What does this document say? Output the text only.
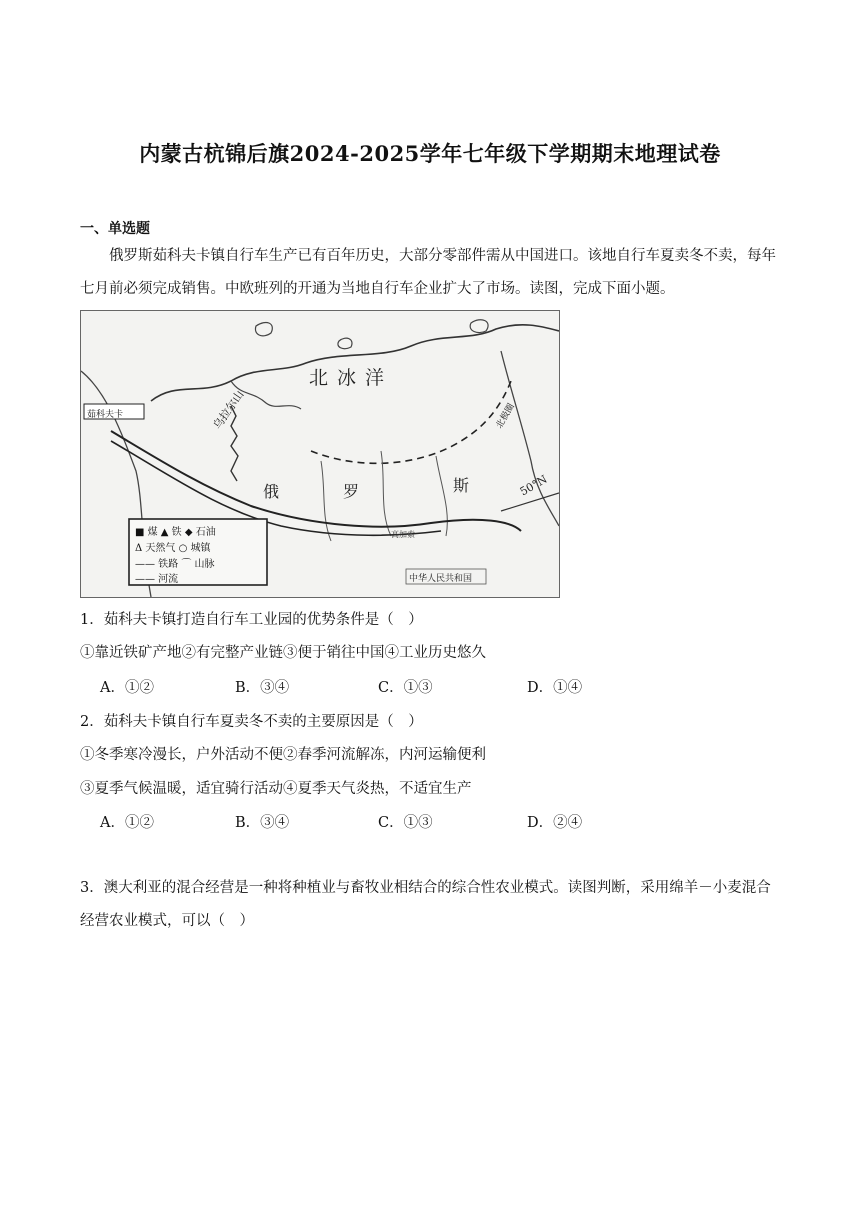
内蒙古杭锦后旗2024-2025学年七年级下学期期末地理试卷
一、单选题
俄罗斯茹科夫卡镇自行车生产已有百年历史，大部分零部件需从中国进口。该地自行车夏卖冬不卖，每年七月前必须完成销售。中欧班列的开通为当地自行车企业扩大了市场。读图，完成下面小题。
北冰洋
俄	罗	斯
茹科夫卡	乌拉尔山
高加索
50°N
北极圈
中华人民共和国
■ 煤 ▲ 铁 ◆ 石油
Δ 天然气 ○ 城镇
—— 铁路 ⌒ 山脉
—— 河流
1．茹科夫卡镇打造自行车工业园的优势条件是（　）
①靠近铁矿产地②有完整产业链③便于销往中国④工业历史悠久
A．①②	B．③④	C．①③	D．①④
2．茹科夫卡镇自行车夏卖冬不卖的主要原因是（　）
①冬季寒冷漫长，户外活动不便②春季河流解冻，内河运输便利
③夏季气候温暖，适宜骑行活动④夏季天气炎热，不适宜生产
A．①②	B．③④	C．①③	D．②④
3．澳大利亚的混合经营是一种将种植业与畜牧业相结合的综合性农业模式。读图判断，采用绵羊－小麦混合经营农业模式，可以（　）
